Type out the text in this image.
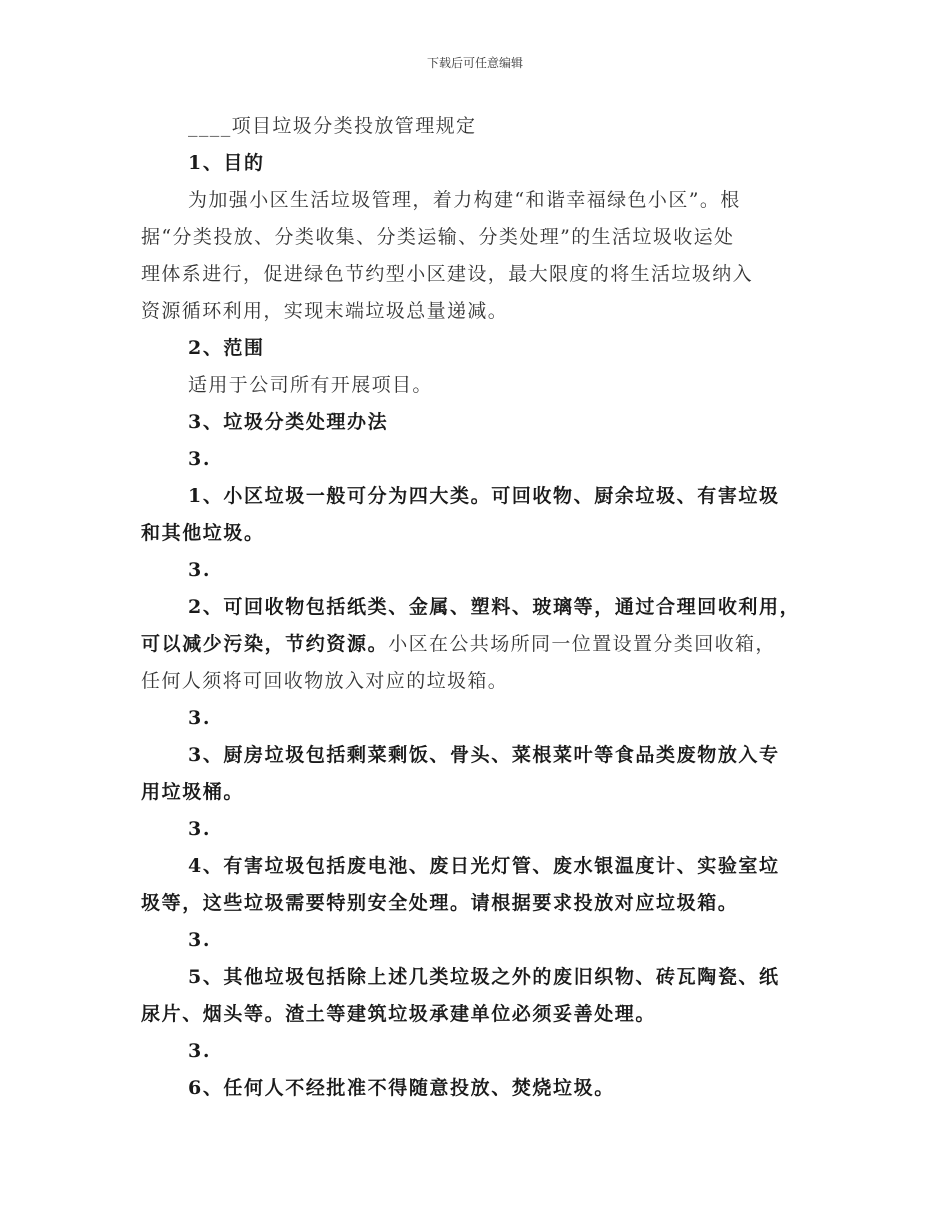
下载后可任意编辑
____项目垃圾分类投放管理规定
1、目的
为加强小区生活垃圾管理，着力构建“和谐幸福绿色小区”。根
据“分类投放、分类收集、分类运输、分类处理”的生活垃圾收运处
理体系进行，促进绿色节约型小区建设，最大限度的将生活垃圾纳入
资源循环利用，实现末端垃圾总量递减。
2、范围
适用于公司所有开展项目。
3、垃圾分类处理办法
3.
1、小区垃圾一般可分为四大类。可回收物、厨余垃圾、有害垃圾
和其他垃圾。
3.
2、可回收物包括纸类、金属、塑料、玻璃等，通过合理回收利用，
可以减少污染，节约资源。小区在公共场所同一位置设置分类回收箱，
任何人须将可回收物放入对应的垃圾箱。
3.
3、厨房垃圾包括剩菜剩饭、骨头、菜根菜叶等食品类废物放入专
用垃圾桶。
3.
4、有害垃圾包括废电池、废日光灯管、废水银温度计、实验室垃
圾等，这些垃圾需要特别安全处理。请根据要求投放对应垃圾箱。
3.
5、其他垃圾包括除上述几类垃圾之外的废旧织物、砖瓦陶瓷、纸
尿片、烟头等。渣土等建筑垃圾承建单位必须妥善处理。
3.
6、任何人不经批准不得随意投放、焚烧垃圾。
